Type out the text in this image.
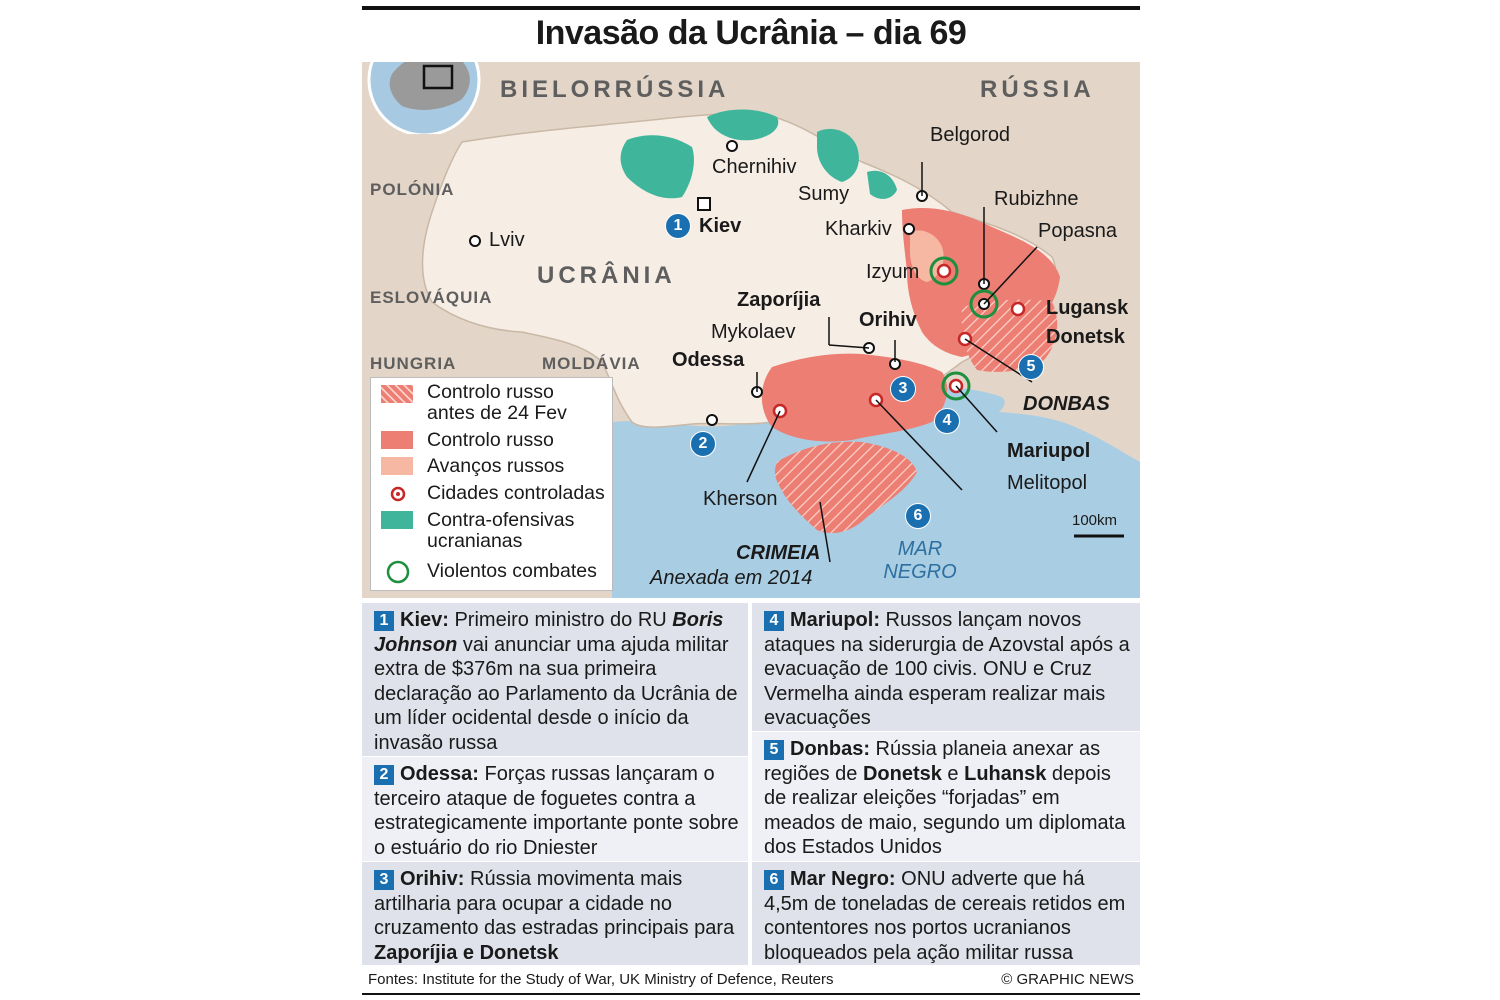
Invasão da Ucrânia – dia 69
BIELORRÚSSIA	RÚSSIA
POLÓNIA
UCRÂNIA
ESLOVÁQUIA
HUNGRIA	MOLDÁVIA
Belgorod
Chernihiv
Sumy
Kharkiv
Kiev
Lviv
Rubizhne
Popasna
Izyum
Lugansk
Donetsk
Zaporíjia
Orihiv
Mykolaev
Odessa
Kherson
Mariupol
Melitopol
DONBAS
CRIMEIA
Anexada em 2014
MAR
NEGRO
100km
1
2
3
4
5
6
Controlo russo
antes de 24 Fev
Controlo russo
Avanços russos
Cidades controladas
Contra-ofensivas
ucranianas
Violentos combates
1 Kiev: Primeiro ministro do RU Boris Johnson vai anunciar uma ajuda militar extra de $376m na sua primeira declaração ao Parlamento da Ucrânia de um líder ocidental desde o início da invasão russa
2 Odessa: Forças russas lançaram o terceiro ataque de foguetes contra a estrategicamente importante ponte sobre o estuário do rio Dniester
3 Orihiv: Rússia movimenta mais artilharia para ocupar a cidade no cruzamento das estradas principais para Zaporíjia e Donetsk
4 Mariupol: Russos lançam novos ataques na siderurgia de Azovstal após a evacuação de 100 civis. ONU e Cruz Vermelha ainda esperam realizar mais evacuações
5 Donbas: Rússia planeia anexar as regiões de Donetsk e Luhansk depois de realizar eleições “forjadas” em meados de maio, segundo um diplomata dos Estados Unidos
6 Mar Negro: ONU adverte que há 4,5m de toneladas de cereais retidos em contentores nos portos ucranianos bloqueados pela ação militar russa
Fontes: Institute for the Study of War, UK Ministry of Defence, Reuters	© GRAPHIC NEWS
